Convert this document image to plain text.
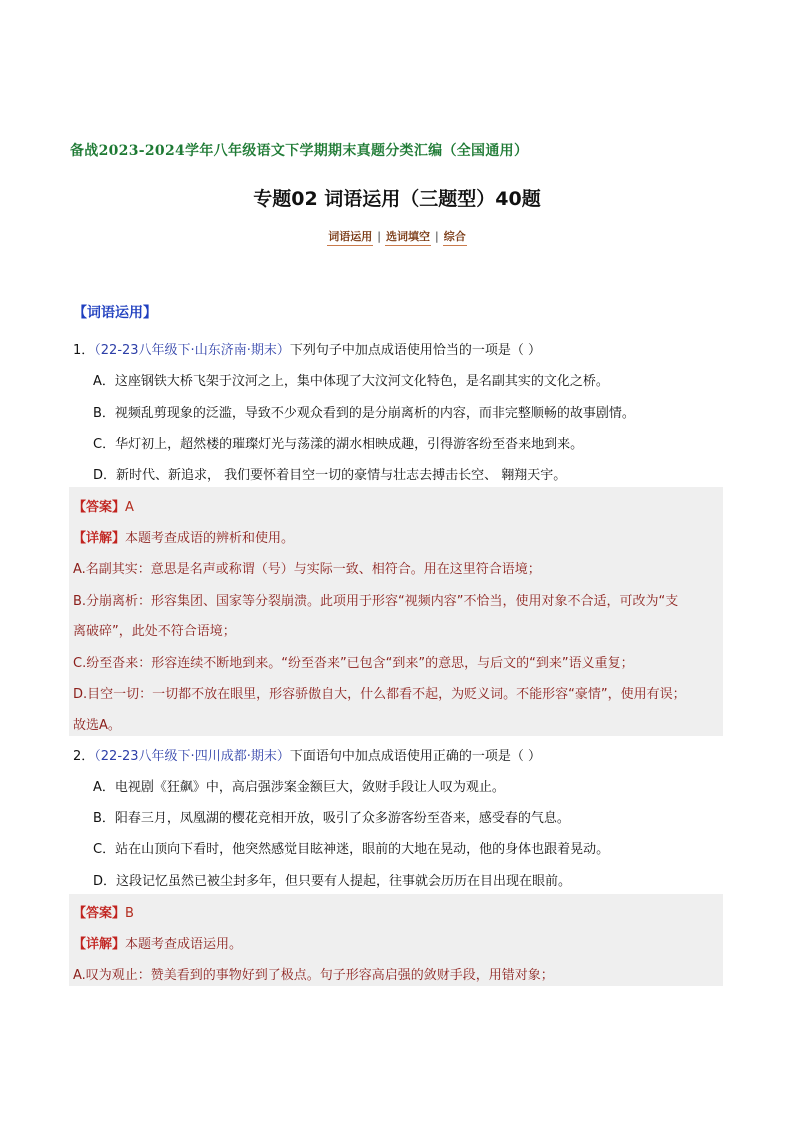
备战2023-2024学年八年级语文下学期期末真题分类汇编（全国通用）
专题02 词语运用（三题型）40题
词语运用 | 选词填空 | 综合
【词语运用】
1．（22-23八年级下·山东济南·期末）下列句子中加点成语使用恰当的一项是（ ）
A．这座钢铁大桥飞架于汶河之上，集中体现了大汶河文化特色，是名副其实的文化之桥。
B．视频乱剪现象的泛滥，导致不少观众看到的是分崩离析的内容，而非完整顺畅的故事剧情。
C．华灯初上，超然楼的璀璨灯光与荡漾的湖水相映成趣，引得游客纷至沓来地到来。
D．新时代、新追求， 我们要怀着目空一切的豪情与壮志去搏击长空、 翱翔天宇。
【答案】A
【详解】本题考查成语的辨析和使用。
A.名副其实：意思是名声或称谓（号）与实际一致、相符合。用在这里符合语境；
B.分崩离析：形容集团、国家等分裂崩溃。此项用于形容“视频内容”不恰当，使用对象不合适，可改为“支
离破碎”，此处不符合语境；
C.纷至沓来：形容连续不断地到来。“纷至沓来”已包含“到来”的意思，与后文的“到来”语义重复；
D.目空一切：一切都不放在眼里，形容骄傲自大，什么都看不起，为贬义词。不能形容“豪情”，使用有误；
故选A。
2．（22-23八年级下·四川成都·期末）下面语句中加点成语使用正确的一项是（ ）
A．电视剧《狂飙》中，高启强涉案金额巨大，敛财手段让人叹为观止。
B．阳春三月，凤凰湖的樱花竞相开放，吸引了众多游客纷至沓来，感受春的气息。
C．站在山顶向下看时，他突然感觉目眩神迷，眼前的大地在晃动，他的身体也跟着晃动。
D．这段记忆虽然已被尘封多年，但只要有人提起，往事就会历历在目出现在眼前。
【答案】B
【详解】本题考查成语运用。
A.叹为观止：赞美看到的事物好到了极点。句子形容高启强的敛财手段，用错对象；
